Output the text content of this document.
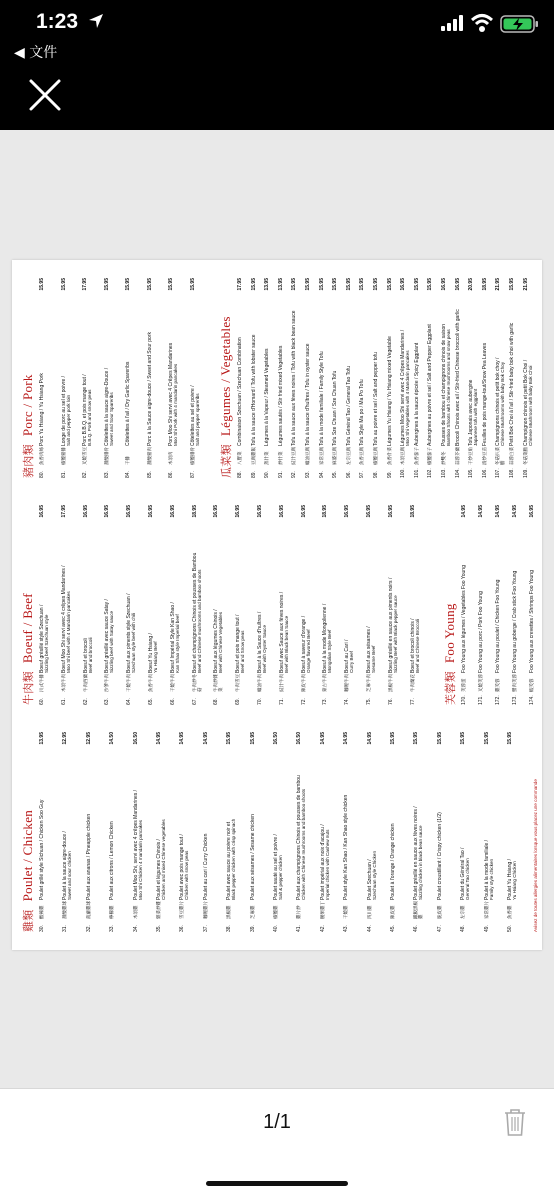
1:23
◀ 文件
雞類Poulet / Chicken
30.
酸辣雞
Poulet grillé style Sichuan / Chicken Soo Guy
13.95
31.
甜酸雞球
Poulet à la sauce aigre-douce / Sweet and sour chicken
12.95
32.
菠蘿雞球
Poulet aux ananas / Pineapple chicken
12.95
33.
檸檬雞
Poulet aux citrons / Lemon Chicken
14.50
34.
木須雞
Poulet Moo Shi, servi avec 4 crêpes Mandarines / Moo Shi Chicken 4 mandarin pancakes
16.50
35.
雜菜炒雞
Poulet et légumes Chinois / Chicken and mixed Chinese vegetables
14.95
36.
雪豆雞片
Poulet avec pois mange tout / Chicken with snow peas
14.95
37.
咖喱雞片
Poulet au cari / Curry Chicken
14.95
38.
黑椒雞
Poulet avec sauce au poivre noir et Black pepper chicken with crisp spinach
15.95
39.
芝麻雞
Poulet aux sésames / Sesame chicken
15.95
40.
椒鹽雞
Poulet sauté au sel et poivre / Salt & pepper chicken
16.50
41.
雞片炒
Poulet aux champignons Chinois et pousses de bambou Chicken with Chinese mushrooms and bamboo shoots
16.50
42.
腰果雞丁
Poulet impérial aux noix d'acajou / Imperial chicken with Cashew nuts
14.95
43.
干燒雞
Poulet style Kan Shao / Kan Shao style chicken
14.95
44.
四川雞
Poulet Szechuan / Szechuan style Chicken
14.95
45.
陳皮雞
Poulet à l'orange / Orange chicken
15.95
46.
鐵板黑椒雞
Poulet grésillé en sauce aux fèves noires / Sizzling chicken in black bean sauce
15.95
47.
脆皮雞
Poulet croustillant / Crispy chicken (1/2)
15.95
48.
左宗雞
Poulet du Général Tao / General Tao chicken
15.95
49.
家常雞片
Poulet à la mode familiale / Family style chicken
15.95
50.
魚香雞
Poulet Yu Hsiang / Yu Hsiang Chicken
15.95
Avisez de toutes allergies alimentaires lorsque vous placez une commande
牛肉類Boeuf / Beef
60.
川式牛排
Boeuf grésillé style Szechuan / Sizzling beef Szechuan style
16.95
61.
木須牛肉
Boeuf Moo Shi servi avec 4 crêpes Mandarines / Moo Shi beef with 4 Mandarin pancakes
17.95
62.
牛肉西蘭
Boeuf et brocoli Beef and broccoli
16.95
63.
沙爹牛肉
Boeuf grésillé avec sauce Satay / Sizzling beef with Satay sauce
16.95
64.
干燒牛肉
Boeuf aux piments style Szechuan / Szechuan style beef with chili
16.95
65.
魚香牛肉
Boeuf Yu Hsiang / Yu Hsiang Beef
16.95
66.
干燒牛肉
Boeuf Impérial Style Kan Shao / Kan Shao style Imperial beef
16.95
67.
牛肉炒冬菇
Boeuf et champignons Chinois et pousses de Bambou Beef and Chinese mushrooms and bamboo shoots
18.95
68.
牛肉炒雜菜
Boeuf aux légumes Chinois / Beef with Chinese Vegetables
16.95
69.
牛肉雪豆
Boeuf et pois mange tout / Beef and Snow peas
16.95
70.
蠔油牛肉
Boeuf à la Sauce d'huîtres / Beef with Oyster Sauce
16.95
71.
豉汁牛肉
Boeuf avec Sauce aux fèves noires / Beef with Black bean Sauce
16.95
72.
陳皮牛肉
Boeuf à saveur d'orange / Orange flavored Beef
16.95
73.
蒙古牛肉
Boeuf à la mode Mongolienne / Mongolian Style Beef
18.95
74.
咖喱牛肉
Boeuf au Cari / Curry Beef
16.95
75.
芝麻牛肉
Boeuf aux sésames / Sesame Beef
16.95
76.
黑椒牛肉
Boeuf grésillé en sauce aux piments noirs / Sizzling Beef with Black pepper sauce
16.95
77.
牛肉蘭花
Boeuf et brocoli chinois / Beef and Chinese Broccoli
18.95
芙蓉類Foo Young
170.
芙蓉蛋
Foo Young aux légumes / Vegetables Foo Young
14.95
171.
叉燒芙蓉
Foo Young au porc / Pork Foo Young
14.95
172.
雞芙蓉
Foo Young au poulet / Chicken Foo Young
14.95
173.
蟹肉芙蓉
Foo Young au goberge / Crab stick Foo Young
14.95
174.
蝦芙蓉
Foo Young aux crevettes / Shrimps Foo Young
16.95
豬肉類Porc / Pork
80.
魚香肉絲
Porc Yu Hsiang / Yu Hsiang Pork
15.95
81.
椒鹽豬排
Longe de porc au sel et poivre / Salt and pepper pork loin
15.95
82.
叉燒雪豆
Porc B.B.Q. et pois mange tout / B.B.Q. Pork and snow peas
17.95
83.
甜酸排骨
Côtelettes à la sauce aigre-Douce / Sweet and Sour Spareribs
15.95
84.
干排
Côtelettes à l'ail / Dry Garlic Spareribs
15.95
85.
甜酸豬肉
Porc à la Sauce aigre-douce / Sweet and Sour pork
15.95
86.
木須肉
Porc Moo Shi servi avec 4 Crêpes Mandarines Moo Shi Pork with 4 mandarin pancakes
15.95
87.
椒鹽排骨
Côtelettes au sel et poivre / Salt and pepper spareribs
15.95
瓜菜類Légumes / Vegetables
88.
八寶菜
Combinaison Szechuan / Szechuan Combination
17.95
89.
豆腐雞飯
Tofu à la sauce d'Homard / Tofu with lobster sauce
15.95
90.
蒸什菜
Légumes à la Vapeur / Steamed Vegetables
13.95
91.
炒什菜
Légumes sautés / Stir fried mixed Vegetables
13.95
92.
豉汁豆腐
Tofu à la sauce aux fèves noires / Tofu with black bean sauce
15.95
93.
蠔油豆腐
Tofu à la sauce d'huîtres / Tofu in oyster sauce
15.95
94.
家常豆腐
Tofu à la mode familiale / Family Style Tofu
15.95
95.
麻婆豆腐
Tofu Sze Chuan / Sze Chuan Tofu
15.95
96.
左宗豆腐
Tofu Général Tao / General Tao Tofu
15.95
97.
魚香豆腐
Tofu Style Ma po / Ma Po Tofu
15.95
98.
椒鹽豆腐
Tofu au poivre et sel / Salt and pepper tofu
15.95
99.
魚香什菜
Légumes Yu Hsiang / Yu Hsiang mixed Vegetable
15.95
100.
木須豆腐
Légumes Moo Shi servi avec 4 Crêpes Mandarines / Moo Shi Vegetables with 4 Mandarin pancakes
16.95
101.
魚香茄子
Aubergines à la sauce épicée / Spicy Eggplant
15.95
102.
椒鹽茄子
Aubergines au poivre et sel / Salt and Pepper Eggplant
15.95
103.
炒雙冬
Pousses de bambou et champignons chinois de saison Bamboo Shoots with chinese mushrooms and snow peas
16.95
104.
蒜蓉芥蘭
Brocoli Chinois avec ail / Stir-fried Chinese broccoli with garlic
16.95
105.
干炒豆角
Tofu Japonais avec aubergine Japanese tofu with eggplant
20.95
106.
清炒豆苗
Feuilles de pois mange-tout/Snow Pea Leaves
18.95
107.
冬菇扒菜膽
Champignons chinois et petit bok choy / Chinese Mushrooms with baby Bok Choy
21.95
108.
蒜蓉白菜
Petit Bok Choi à l'ail / Stir-fried baby bok choi with garlic
15.95
109.
冬菇菜膽
Champignon chinois et petit Bok Choi / Chinese Mushroom with baby Bok Choi
21.95
1/1
